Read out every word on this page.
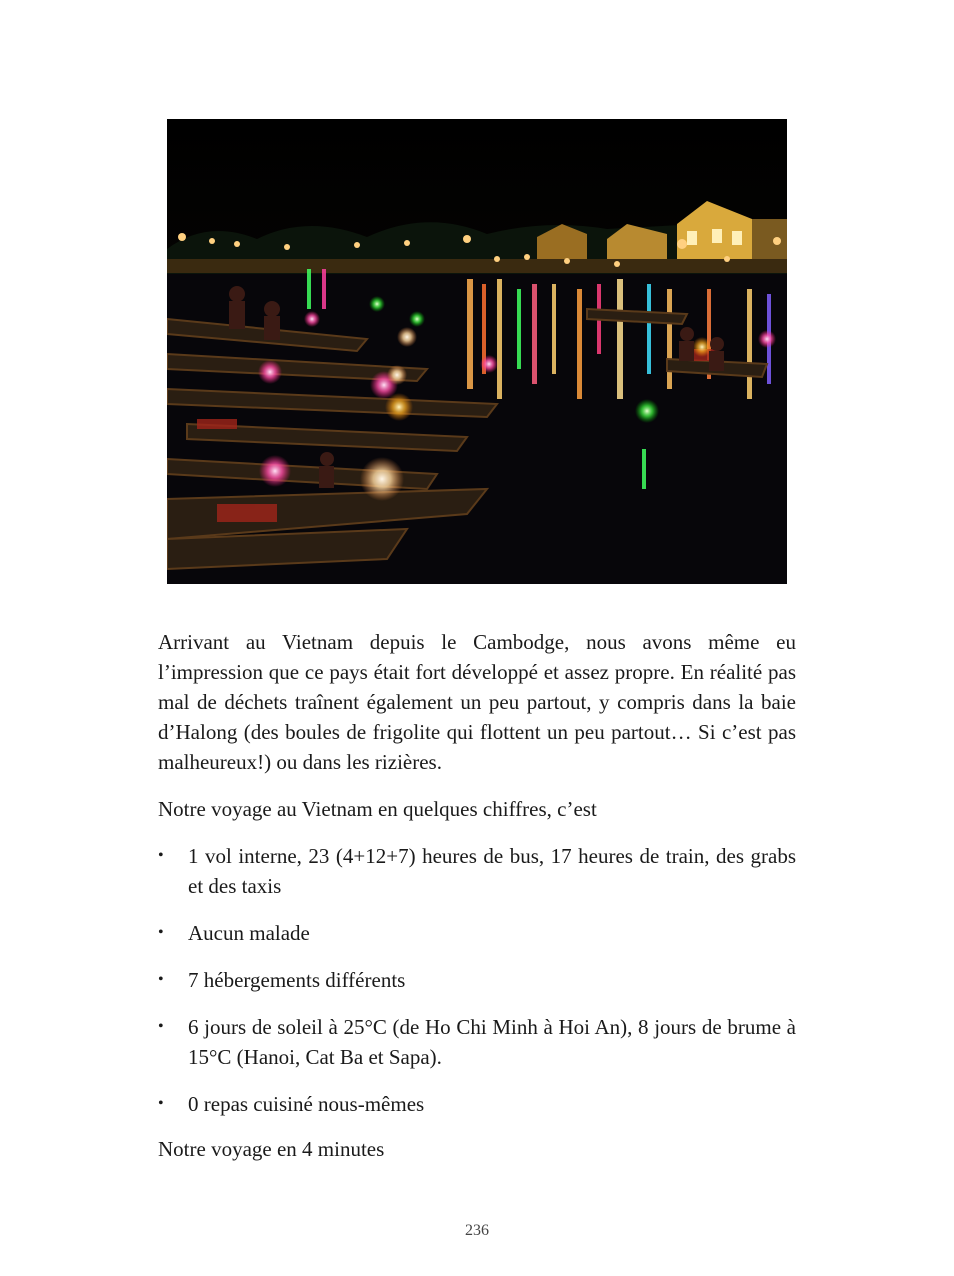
Arrivant au Vietnam depuis le Cambodge, nous avons même eu l’impression que ce pays était fort développé et assez propre. En réalité pas mal de déchets traînent également un peu partout, y compris dans la baie d’Halong (des boules de frigolite qui flottent un peu partout… Si c’est pas malheureux!) ou dans les rizières.
Notre voyage au Vietnam en quelques chiffres, c’est
• 1 vol interne, 23 (4+12+7) heures de bus, 17 heures de train, des grabs et des taxis
• Aucun malade
• 7 hébergements différents
• 6 jours de soleil à 25°C (de Ho Chi Minh à Hoi An), 8 jours de brume à 15°C (Hanoi, Cat Ba et Sapa).
• 0 repas cuisiné nous-mêmes
Notre voyage en 4 minutes
236
